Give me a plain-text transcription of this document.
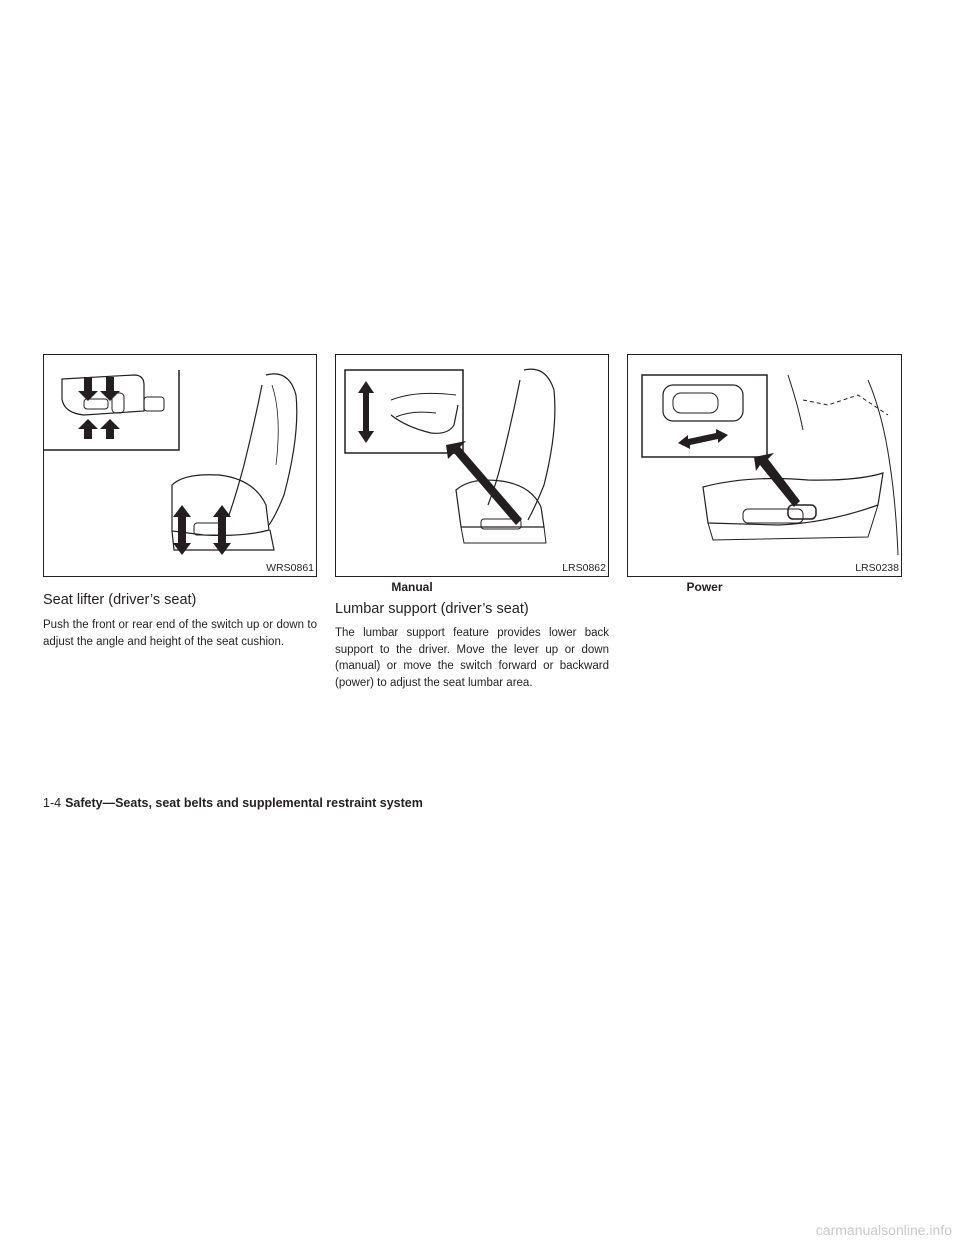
WRS0861	LRS0862
Manual
LRS0238
Power
Seat lifter (driver’s seat)

Push the front or rear end of the switch up or down to adjust the angle and height of the seat cushion.

Lumbar support (driver’s seat)

The lumbar support feature provides lower back support to the driver. Move the lever up or down (manual) or move the switch forward or backward (power) to adjust the seat lumbar area.

1-4 Safety—Seats, seat belts and supplemental restraint system
carmanualsonline.info
